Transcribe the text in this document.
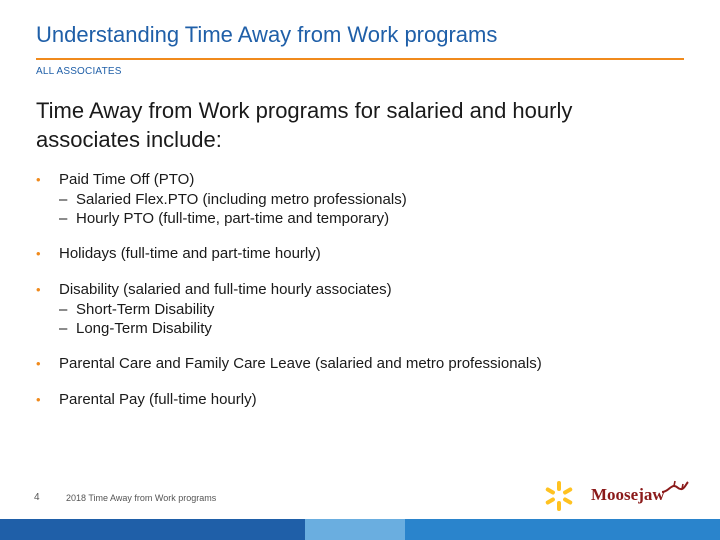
Understanding Time Away from Work programs
ALL ASSOCIATES
Time Away from Work programs for salaried and hourly associates include:
• Paid Time Off (PTO)
– Salaried Flex.PTO (including metro professionals)
– Hourly PTO (full-time, part-time and temporary)
• Holidays (full-time and part-time hourly)
• Disability (salaried and full-time hourly associates)
– Short-Term Disability
– Long-Term Disability
• Parental Care and Family Care Leave (salaried and metro professionals)
• Parental Pay (full-time hourly)
4	2018 Time Away from Work programs	Moosejaw
